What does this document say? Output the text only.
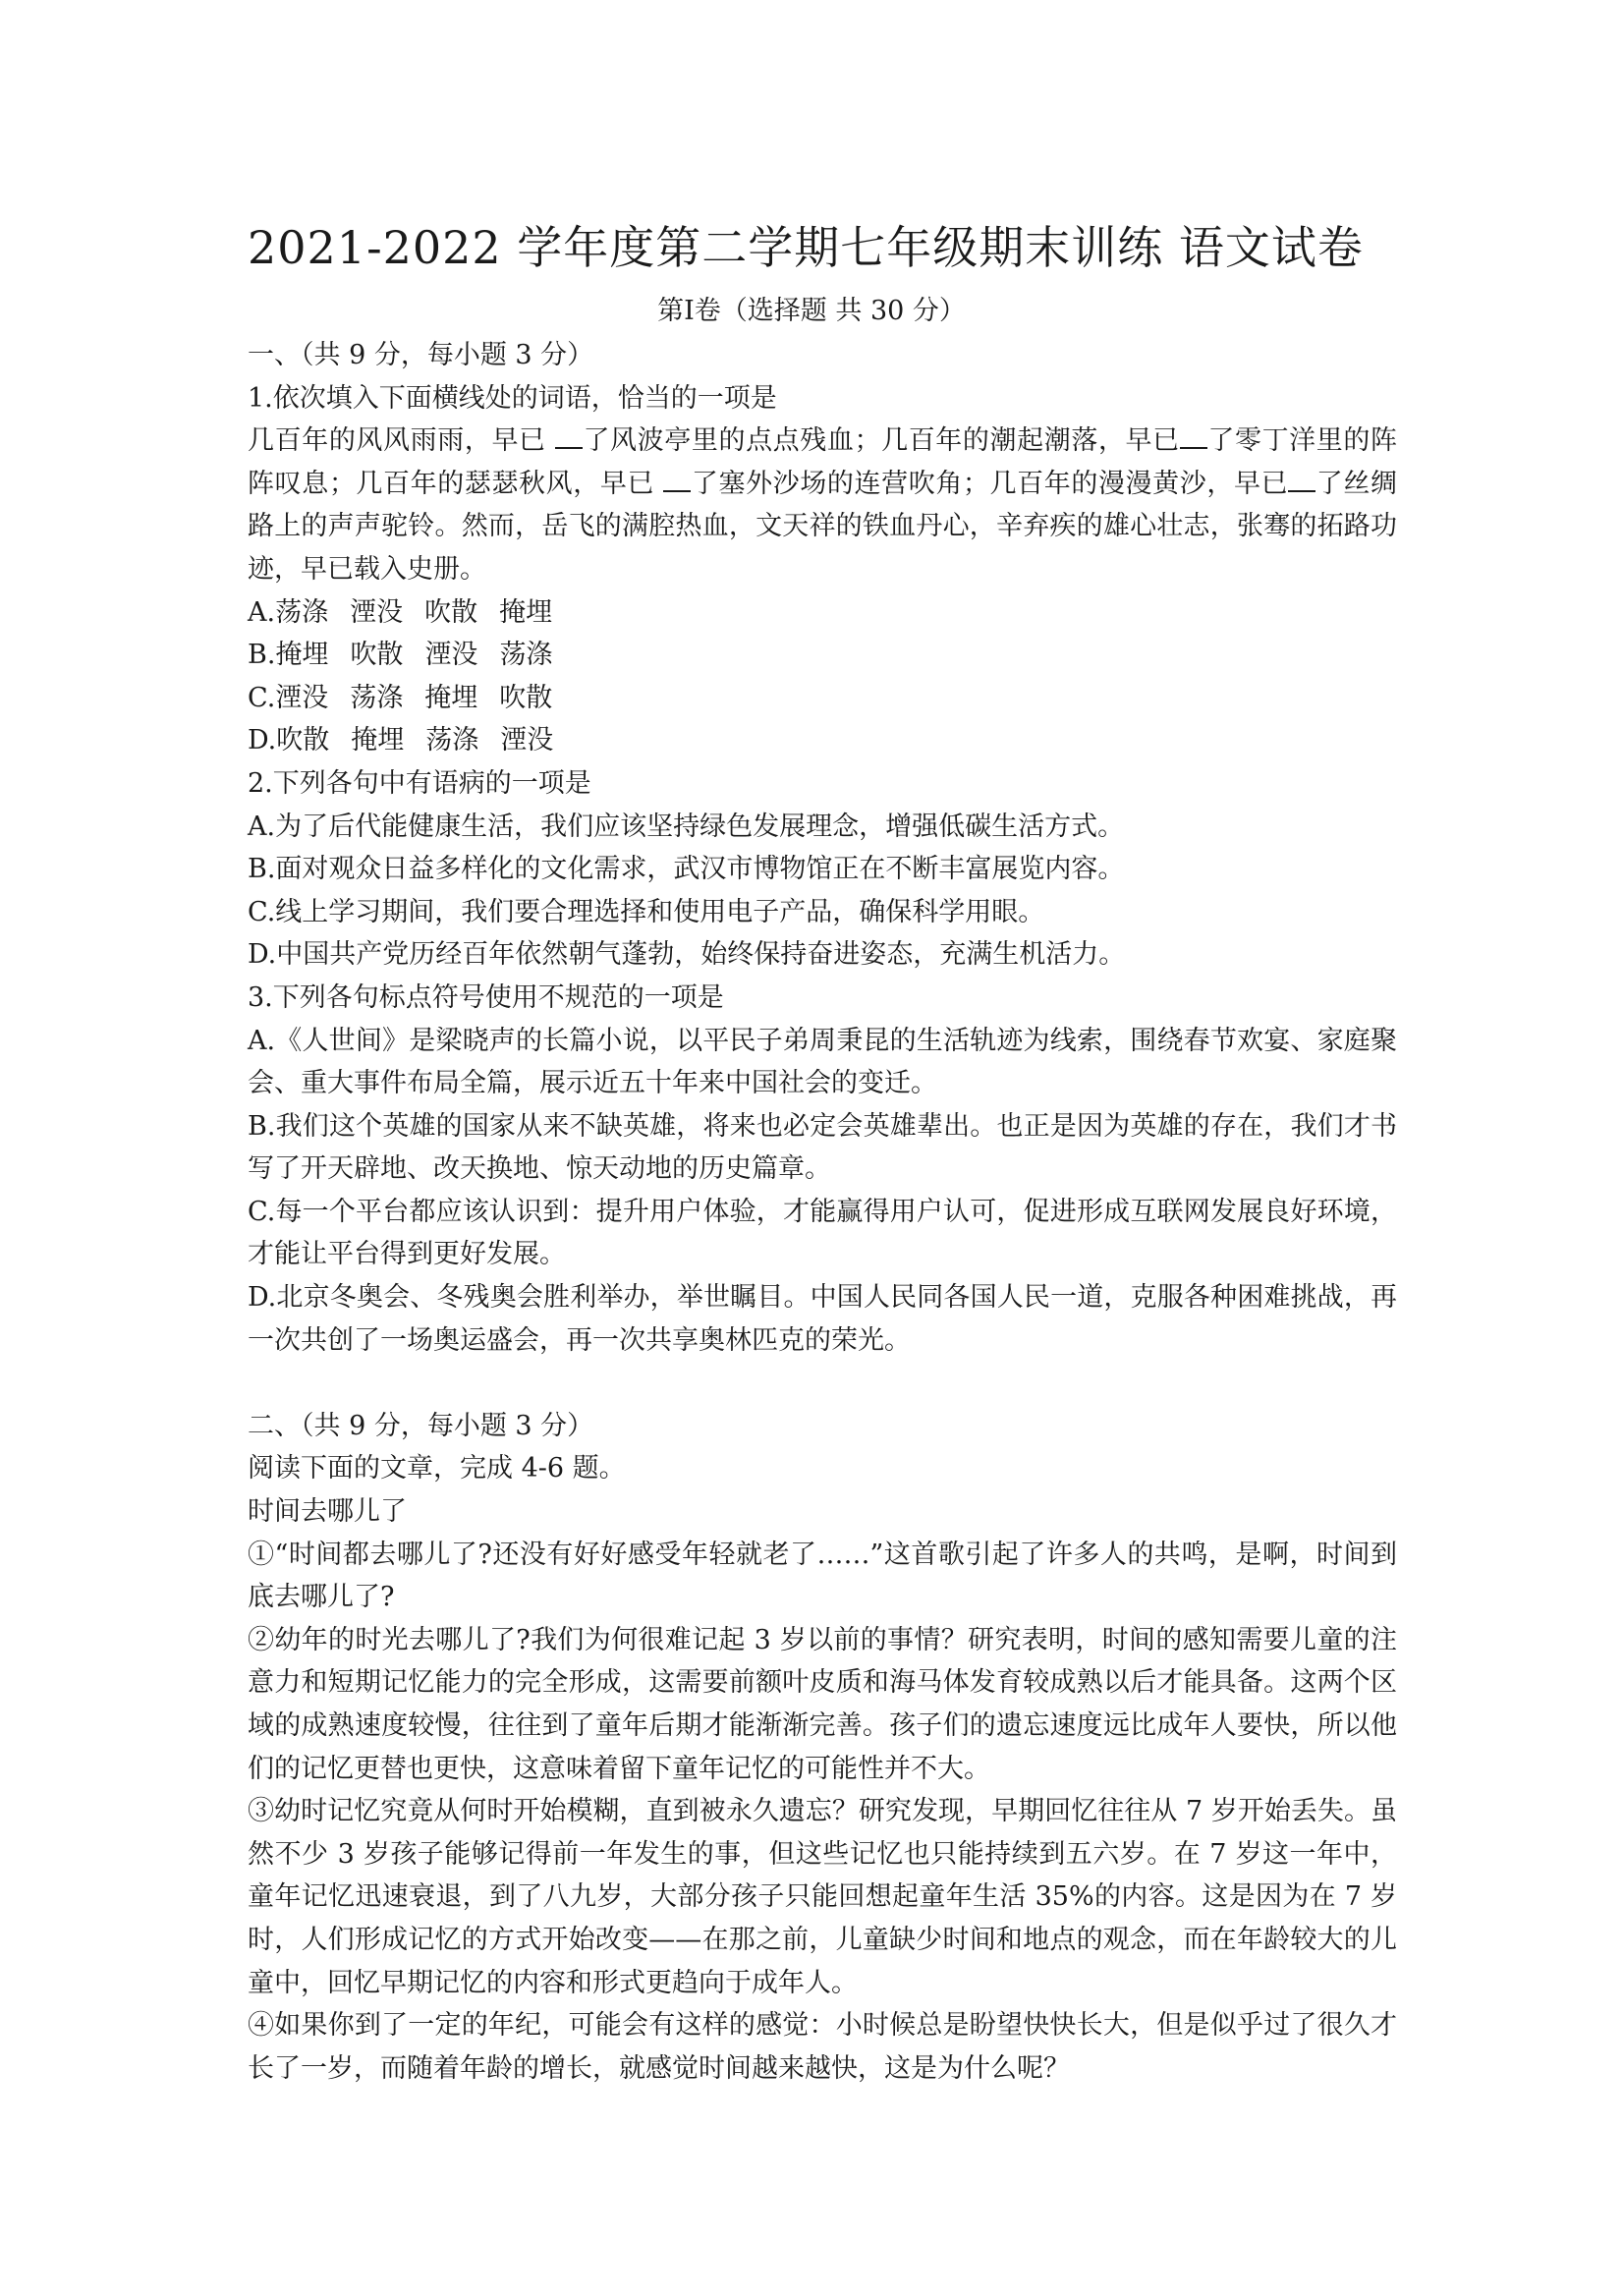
2021-2022 学年度第二学期七年级期末训练 语文试卷
第Ⅰ卷（选择题 共 30 分）

一、（共 9 分，每小题 3 分）

1.依次填入下面横线处的词语，恰当的一项是

几百年的风风雨雨，早已 了风波亭里的点点残血；几百年的潮起潮落，早已 了零丁洋里的阵阵叹息；几百年的瑟瑟秋风，早已 了塞外沙场的连营吹角；几百年的漫漫黄沙，早已 了丝绸路上的声声驼铃。然而，岳飞的满腔热血，文天祥的铁血丹心，辛弃疾的雄心壮志，张骞的拓路功迹，早已载入史册。

A.荡涤 湮没 吹散 掩埋

B.掩埋 吹散 湮没 荡涤

C.湮没 荡涤 掩埋 吹散

D.吹散 掩埋 荡涤 湮没

2.下列各句中有语病的一项是

A.为了后代能健康生活，我们应该坚持绿色发展理念，增强低碳生活方式。

B.面对观众日益多样化的文化需求，武汉市博物馆正在不断丰富展览内容。

C.线上学习期间，我们要合理选择和使用电子产品，确保科学用眼。

D.中国共产党历经百年依然朝气蓬勃，始终保持奋进姿态，充满生机活力。

3.下列各句标点符号使用不规范的一项是

A.《人世间》是梁晓声的长篇小说，以平民子弟周秉昆的生活轨迹为线索，围绕春节欢宴、家庭聚会、重大事件布局全篇，展示近五十年来中国社会的变迁。

B.我们这个英雄的国家从来不缺英雄，将来也必定会英雄辈出。也正是因为英雄的存在，我们才书写了开天辟地、改天换地、惊天动地的历史篇章。

C.每一个平台都应该认识到：提升用户体验，才能赢得用户认可，促进形成互联网发展良好环境，才能让平台得到更好发展。

D.北京冬奥会、冬残奥会胜利举办，举世瞩目。中国人民同各国人民一道，克服各种困难挑战，再一次共创了一场奥运盛会，再一次共享奥林匹克的荣光。

二、（共 9 分，每小题 3 分）

阅读下面的文章，完成 4-6 题。

时间去哪儿了

①“时间都去哪儿了?还没有好好感受年轻就老了……”这首歌引起了许多人的共鸣，是啊，时间到底去哪儿了?

②幼年的时光去哪儿了?我们为何很难记起 3 岁以前的事情？研究表明，时间的感知需要儿童的注意力和短期记忆能力的完全形成，这需要前额叶皮质和海马体发育较成熟以后才能具备。这两个区域的成熟速度较慢，往往到了童年后期才能渐渐完善。孩子们的遗忘速度远比成年人要快，所以他们的记忆更替也更快，这意味着留下童年记忆的可能性并不大。

③幼时记忆究竟从何时开始模糊，直到被永久遗忘？研究发现，早期回忆往往从 7 岁开始丢失。虽然不少 3 岁孩子能够记得前一年发生的事，但这些记忆也只能持续到五六岁。在 7 岁这一年中，童年记忆迅速衰退，到了八九岁，大部分孩子只能回想起童年生活 35%的内容。这是因为在 7 岁时，人们形成记忆的方式开始改变——在那之前，儿童缺少时间和地点的观念，而在年龄较大的儿童中，回忆早期记忆的内容和形式更趋向于成年人。

④如果你到了一定的年纪，可能会有这样的感觉：小时候总是盼望快快长大，但是似乎过了很久才长了一岁，而随着年龄的增长，就感觉时间越来越快，这是为什么呢？
